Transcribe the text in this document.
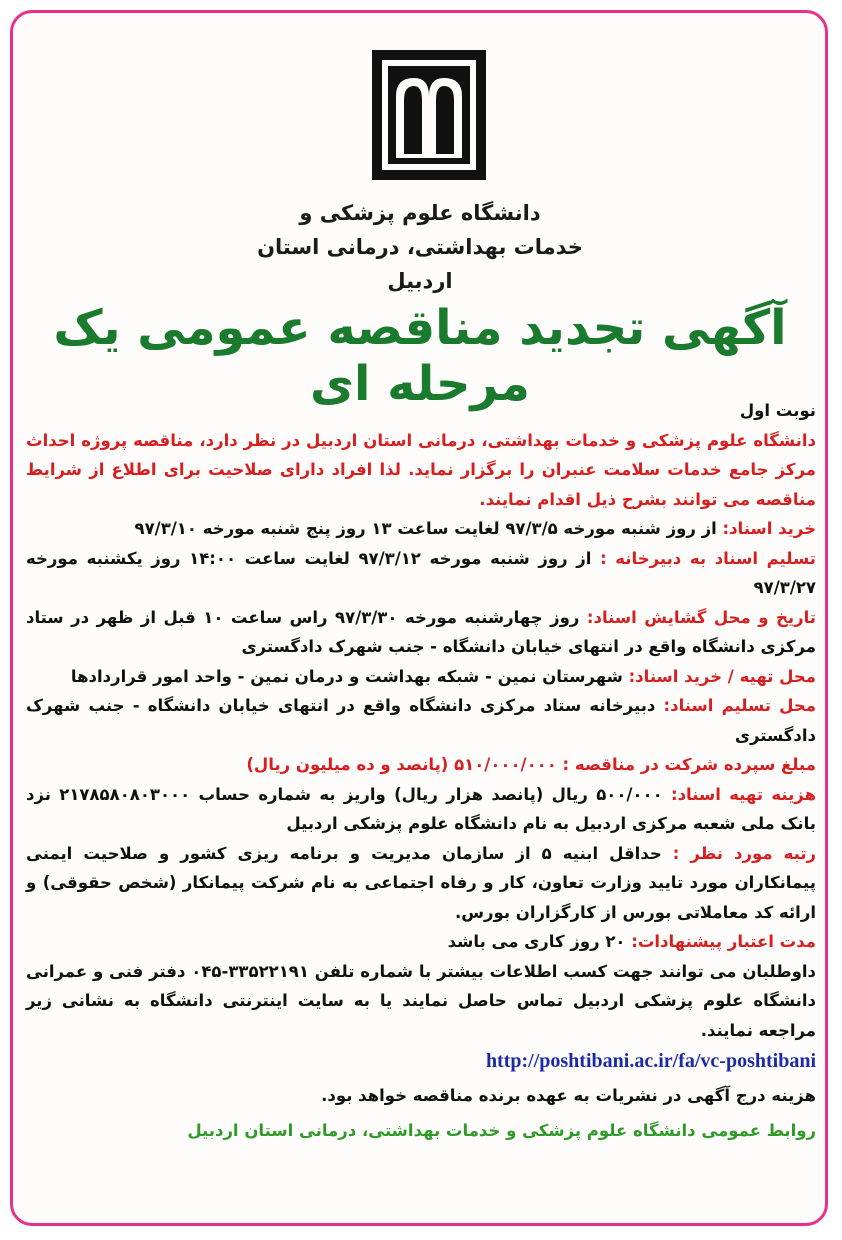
دانشگاه علوم پزشکی و
خدمات بهداشتی، درمانی استان اردبیل
آگهی تجدید مناقصه عمومی یک مرحله ای	نوبت اول

دانشگاه علوم پزشکی و خدمات بهداشتی، درمانی استان اردبیل در نظر دارد، مناقصه پروژه احداث مرکز جامع خدمات سلامت عنبران را برگزار نماید. لذا افراد دارای صلاحیت برای اطلاع از شرایط مناقصه می توانند بشرح ذیل اقدام نمایند.

خرید اسناد: از روز شنبه مورخه ۹۷/۳/۵ لغایت ساعت ۱۳ روز پنج شنبه مورخه ۹۷/۳/۱۰

تسلیم اسناد به دبیرخانه : از روز شنبه مورخه ۹۷/۳/۱۲ لغایت ساعت ۱۴:۰۰ روز یکشنبه مورخه ۹۷/۳/۲۷

تاریخ و محل گشایش اسناد: روز چهارشنبه مورخه ۹۷/۳/۳۰ راس ساعت ۱۰ قبل از ظهر در ستاد مرکزی دانشگاه واقع در انتهای خیابان دانشگاه - جنب شهرک دادگستری

محل تهیه / خرید اسناد: شهرستان نمین - شبکه بهداشت و درمان نمین - واحد امور قراردادها

محل تسلیم اسناد: دبیرخانه ستاد مرکزی دانشگاه واقع در انتهای خیابان دانشگاه - جنب شهرک دادگستری

مبلغ سپرده شرکت در مناقصه : ۵۱۰/۰۰۰/۰۰۰ (پانصد و ده میلیون ریال)

هزینه تهیه اسناد: ۵۰۰/۰۰۰ ریال (پانصد هزار ریال) واریز به شماره حساب ۲۱۷۸۵۸۰۸۰۳۰۰۰ نزد بانک ملی شعبه مرکزی اردبیل به نام دانشگاه علوم پزشکی اردبیل

رتبه مورد نظر : حداقل ابنیه ۵ از سازمان مدیریت و برنامه ریزی کشور و صلاحیت ایمنی پیمانکاران مورد تایید وزارت تعاون، کار و رفاه اجتماعی به نام شرکت پیمانکار (شخص حقوقی) و ارائه کد معاملاتی بورس از کارگزاران بورس.

مدت اعتبار پیشنهادات: ۲۰ روز کاری می باشد

داوطلبان می توانند جهت کسب اطلاعات بیشتر با شماره تلفن ۳۳۵۲۲۱۹۱-۰۴۵ دفتر فنی و عمرانی دانشگاه علوم پزشکی اردبیل تماس حاصل نمایند یا به سایت اینترنتی دانشگاه به نشانی زیر مراجعه نمایند.

http://poshtibani.ac.ir/fa/vc-poshtibani

هزینه درج آگهی در نشریات به عهده برنده مناقصه خواهد بود.

روابط عمومی دانشگاه علوم پزشکی و خدمات بهداشتی، درمانی استان اردبیل
